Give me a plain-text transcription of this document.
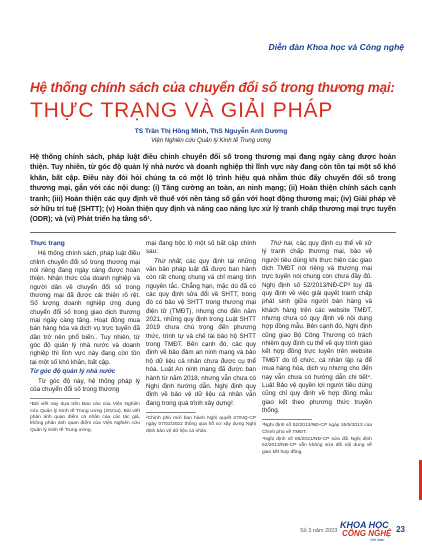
Diễn đàn Khoa học và Công nghệ
Hệ thống chính sách của chuyển đổi số trong thương mại:
THỰC TRẠNG VÀ GIẢI PHÁP
TS Trần Thị Hồng Minh, ThS Nguyễn Anh Dương
Viện Nghiên cứu Quản lý Kinh tế Trung ương
Hệ thống chính sách, pháp luật điều chỉnh chuyển đổi số trong thương mại đang ngày càng được hoàn thiện. Tuy nhiên, từ góc độ quản lý nhà nước và doanh nghiệp thì lĩnh vực này đang còn tồn tại một số khó khăn, bất cập. Điều này đòi hỏi chúng ta cỏ một lộ trình hiệu quả nhằm thúc đẩy chuyển đổi số trong thương mại, gắn với các nội dung: (i) Tăng cường an toàn, an ninh mạng; (ii) Hoàn thiện chính sách cạnh tranh; (iii) Hoàn thiện các quy định về thuế với nền tảng số gắn với hoạt động thương mại; (iv) Giải pháp về sở hữu trí tuệ (SHTT); (v) Hoàn thiện quy định và nâng cao năng lực xử lý tranh chấp thương mại trực tuyến (ODR); và (vi) Phát triển hạ tầng số¹.
Thực trạng

Hệ thống chính sách, pháp luật điều chỉnh chuyển đổi số trong thương mại nói riêng đang ngày càng được hoàn thiện. Nhận thức của doanh nghiệp và người dân về chuyển đổi số trong thương mại đã được cải thiện rõ rệt. Số lượng doanh nghiệp ứng dụng chuyển đổi số trong giao dịch thương mại ngày càng tăng. Hoạt động mua bán hàng hóa và dịch vụ trực tuyến đã dần trở nên phổ biến.. Tuy nhiên, từ góc độ quản lý nhà nước và doanh nghiệp thì lĩnh vực này đang còn tồn tại một số khó khăn, bất cập.

Từ góc độ quản lý nhà nước

Từ góc độ này, hệ thống pháp lý của chuyển đổi số trong thương

¹Bài viết này dựa trên Báo cáo của Viện Nghiên cứu Quản lý Kinh tế Trung ương (2021a). Bài viết phản ánh quan điểm cá nhân của các tác giả, không phản ánh quan điểm của Viện Nghiên cứu Quản lý Kinh tế Trung ương.

mại đang bộc lộ một số bất cập chính sau:

Thứ nhất, các quy định tại những văn bản pháp luật đã được ban hành còn rất chung chung và chỉ mang tính nguyên tắc. Chẳng hạn, mặc dù đã có các quy định sửa đổi về SHTT, trong đó có bảo vệ SHTT trong thương mại điện tử (TMĐT), nhưng cho đến năm 2021, những quy định trong Luật SHTT 2019 chưa chú trọng đến phương thức, trình tự và chế tài bảo hộ SHTT trong TMĐT. Bên cạnh đó, các quy định về bảo đảm an ninh mạng và bảo hộ dữ liệu cá nhân chưa được cụ thể hóa. Luật An ninh mạng đã được ban hành từ năm 2018, nhưng vẫn chưa có Nghị định hướng dẫn. Nghị định quy định về bảo vệ dữ liệu cá nhân vẫn đang trong quá trình xây dựng².

²Chính phủ mới ban hành Nghị quyết 27/NQ-CP ngày 07/03/2022 thông qua hồ sơ xây dựng Nghị định bảo vệ dữ liệu cá nhân.

Thứ hai, các quy định cụ thể về xử lý tranh chấp thương mại, bảo vệ người tiêu dùng khi thực hiện các giao dịch TMĐT nói riêng và thương mại trực tuyến nói chung còn chưa đầy đủ. Nghị định số 52/2013/NĐ-CP³ tuy đã quy định về việc giải quyết tranh chấp phát sinh giữa người bán hàng và khách hàng trên các website TMĐT, nhưng chưa có quy định về nội dung hợp đồng mẫu. Bên cạnh đó, Nghị định cũng giao Bộ Công Thương có trách nhiệm quy định cụ thể về quy trình giao kết hợp đồng trực tuyến trên website TMĐT do tổ chức, cá nhân lập ra để mua hàng hóa, dịch vụ nhưng cho đến nay vẫn chưa có hướng dẫn chi tiết⁴. Luật Bảo vệ quyền lợi người tiêu dùng cũng chỉ quy định về hợp đồng mẫu giao kết theo phương thức truyền thống.

³Nghị định số 52/2013/NĐ-CP ngày 16/5/2013 của Chính phủ về TMĐT.

⁴Nghị định số 85/2021/NĐ-CP sửa đổi Nghị định 52/2013/NĐ-CP vẫn không sửa đổi nội dung về giao kết hợp đồng.

Số 3 năm 2023
KHOA HỌC
CÔNG NGHỆ
Việt Nam
23
